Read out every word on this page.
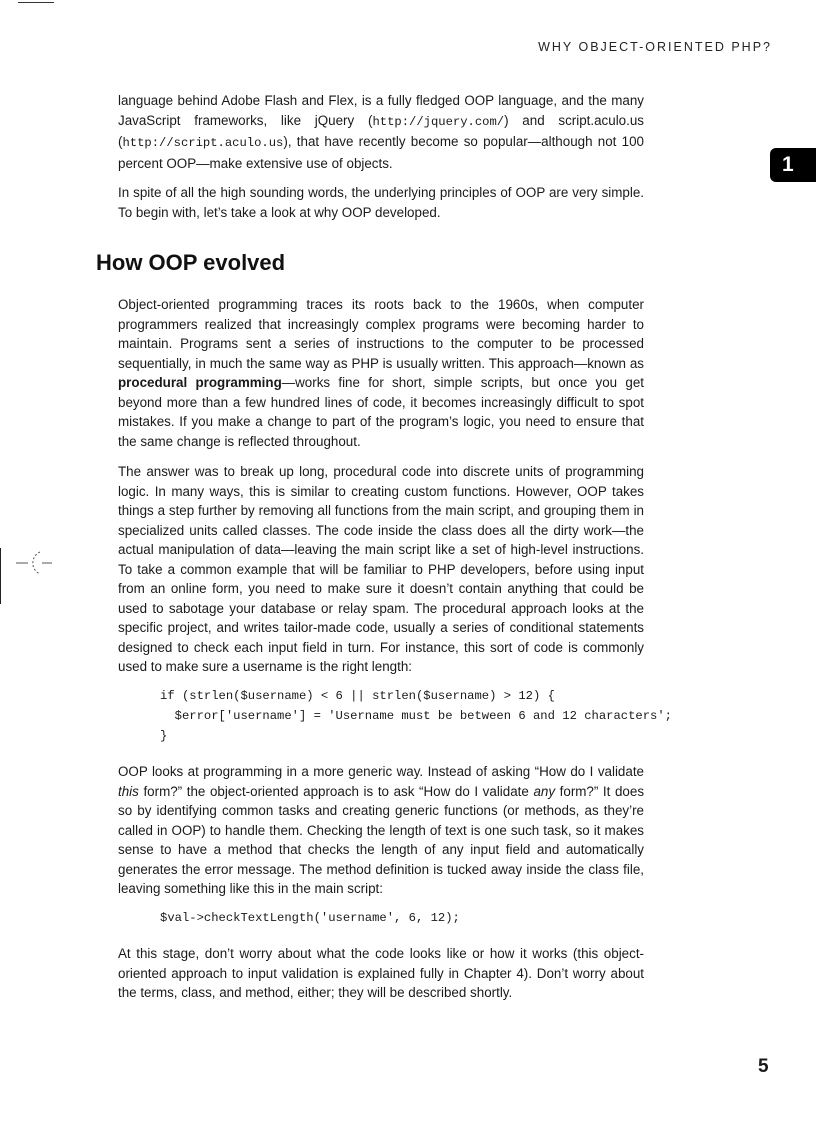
WHY OBJECT-ORIENTED PHP?
1

language behind Adobe Flash and Flex, is a fully fledged OOP language, and the many JavaScript frameworks, like jQuery (http://jquery.com/) and script.aculo.us (http://script.aculo.us), that have recently become so popular—although not 100 percent OOP—make extensive use of objects.

In spite of all the high sounding words, the underlying principles of OOP are very simple. To begin with, let’s take a look at why OOP developed.

How OOP evolved

Object-oriented programming traces its roots back to the 1960s, when computer programmers realized that increasingly complex programs were becoming harder to maintain. Programs sent a series of instructions to the computer to be processed sequentially, in much the same way as PHP is usually written. This approach—known as procedural programming—works fine for short, simple scripts, but once you get beyond more than a few hundred lines of code, it becomes increasingly difficult to spot mistakes. If you make a change to part of the program’s logic, you need to ensure that the same change is reflected throughout.

The answer was to break up long, procedural code into discrete units of programming logic. In many ways, this is similar to creating custom functions. However, OOP takes things a step further by removing all functions from the main script, and grouping them in specialized units called classes. The code inside the class does all the dirty work—the actual manipulation of data—leaving the main script like a set of high-level instructions. To take a common example that will be familiar to PHP developers, before using input from an online form, you need to make sure it doesn’t contain anything that could be used to sabotage your database or relay spam. The procedural approach looks at the specific project, and writes tailor-made code, usually a series of conditional statements designed to check each input field in turn. For instance, this sort of code is commonly used to make sure a username is the right length:

if (strlen($username) < 6 || strlen($username) > 12) {
$error['username'] = 'Username must be between 6 and 12 characters';
}

OOP looks at programming in a more generic way. Instead of asking “How do I validate this form?” the object-oriented approach is to ask “How do I validate any form?” It does so by identifying common tasks and creating generic functions (or methods, as they’re called in OOP) to handle them. Checking the length of text is one such task, so it makes sense to have a method that checks the length of any input field and automatically generates the error message. The method definition is tucked away inside the class file, leaving something like this in the main script:

$val->checkTextLength('username', 6, 12);

At this stage, don’t worry about what the code looks like or how it works (this object-oriented approach to input validation is explained fully in Chapter 4). Don’t worry about the terms, class, and method, either; they will be described shortly.

5
